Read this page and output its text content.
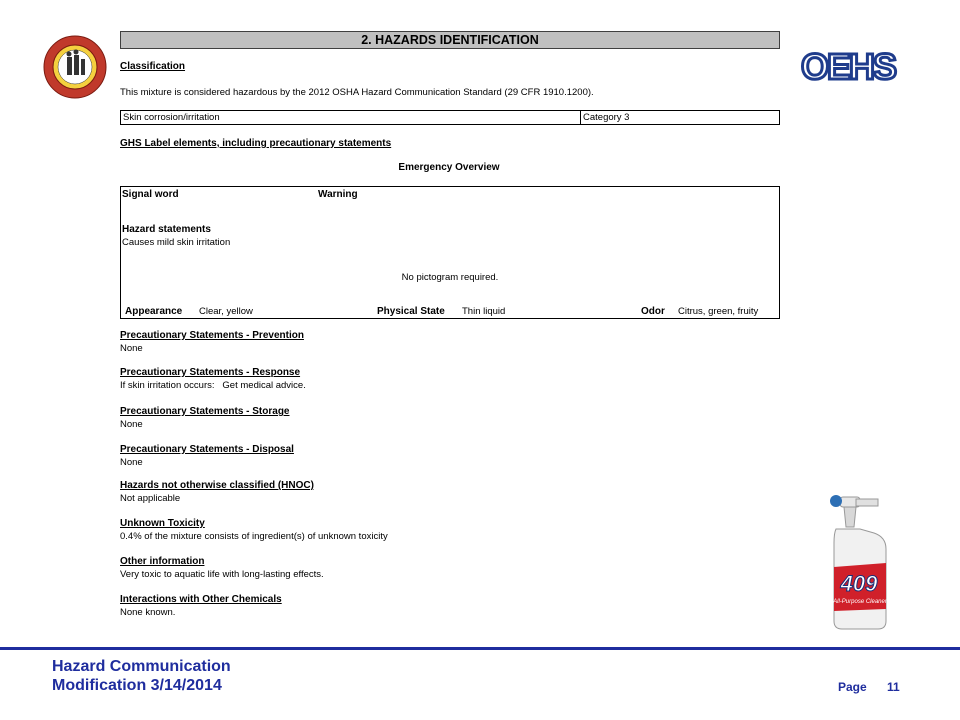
OEHS
2. HAZARDS IDENTIFICATION
Classification
This mixture is considered hazardous by the 2012 OSHA Hazard Communication Standard (29 CFR 1910.1200).
Skin corrosion/irritation	Category 3
GHS Label elements, including precautionary statements
Emergency Overview
Signal word	Warning
Hazard statements
Causes mild skin irritation
No pictogram required.
Appearance Clear, yellow	Physical State Thin liquid	Odor Citrus, green, fruity
Precautionary Statements - Prevention
None
Precautionary Statements - Response
If skin irritation occurs:   Get medical advice.
Precautionary Statements - Storage
None
Precautionary Statements - Disposal
None
Hazards not otherwise classified (HNOC)
Not applicable
Unknown Toxicity
0.4% of the mixture consists of ingredient(s) of unknown toxicity
Other information
Very toxic to aquatic life with long-lasting effects.
Interactions with Other Chemicals
None known.
409
All-Purpose Cleaner
Hazard Communication
Modification 3/14/2014	Page 11
